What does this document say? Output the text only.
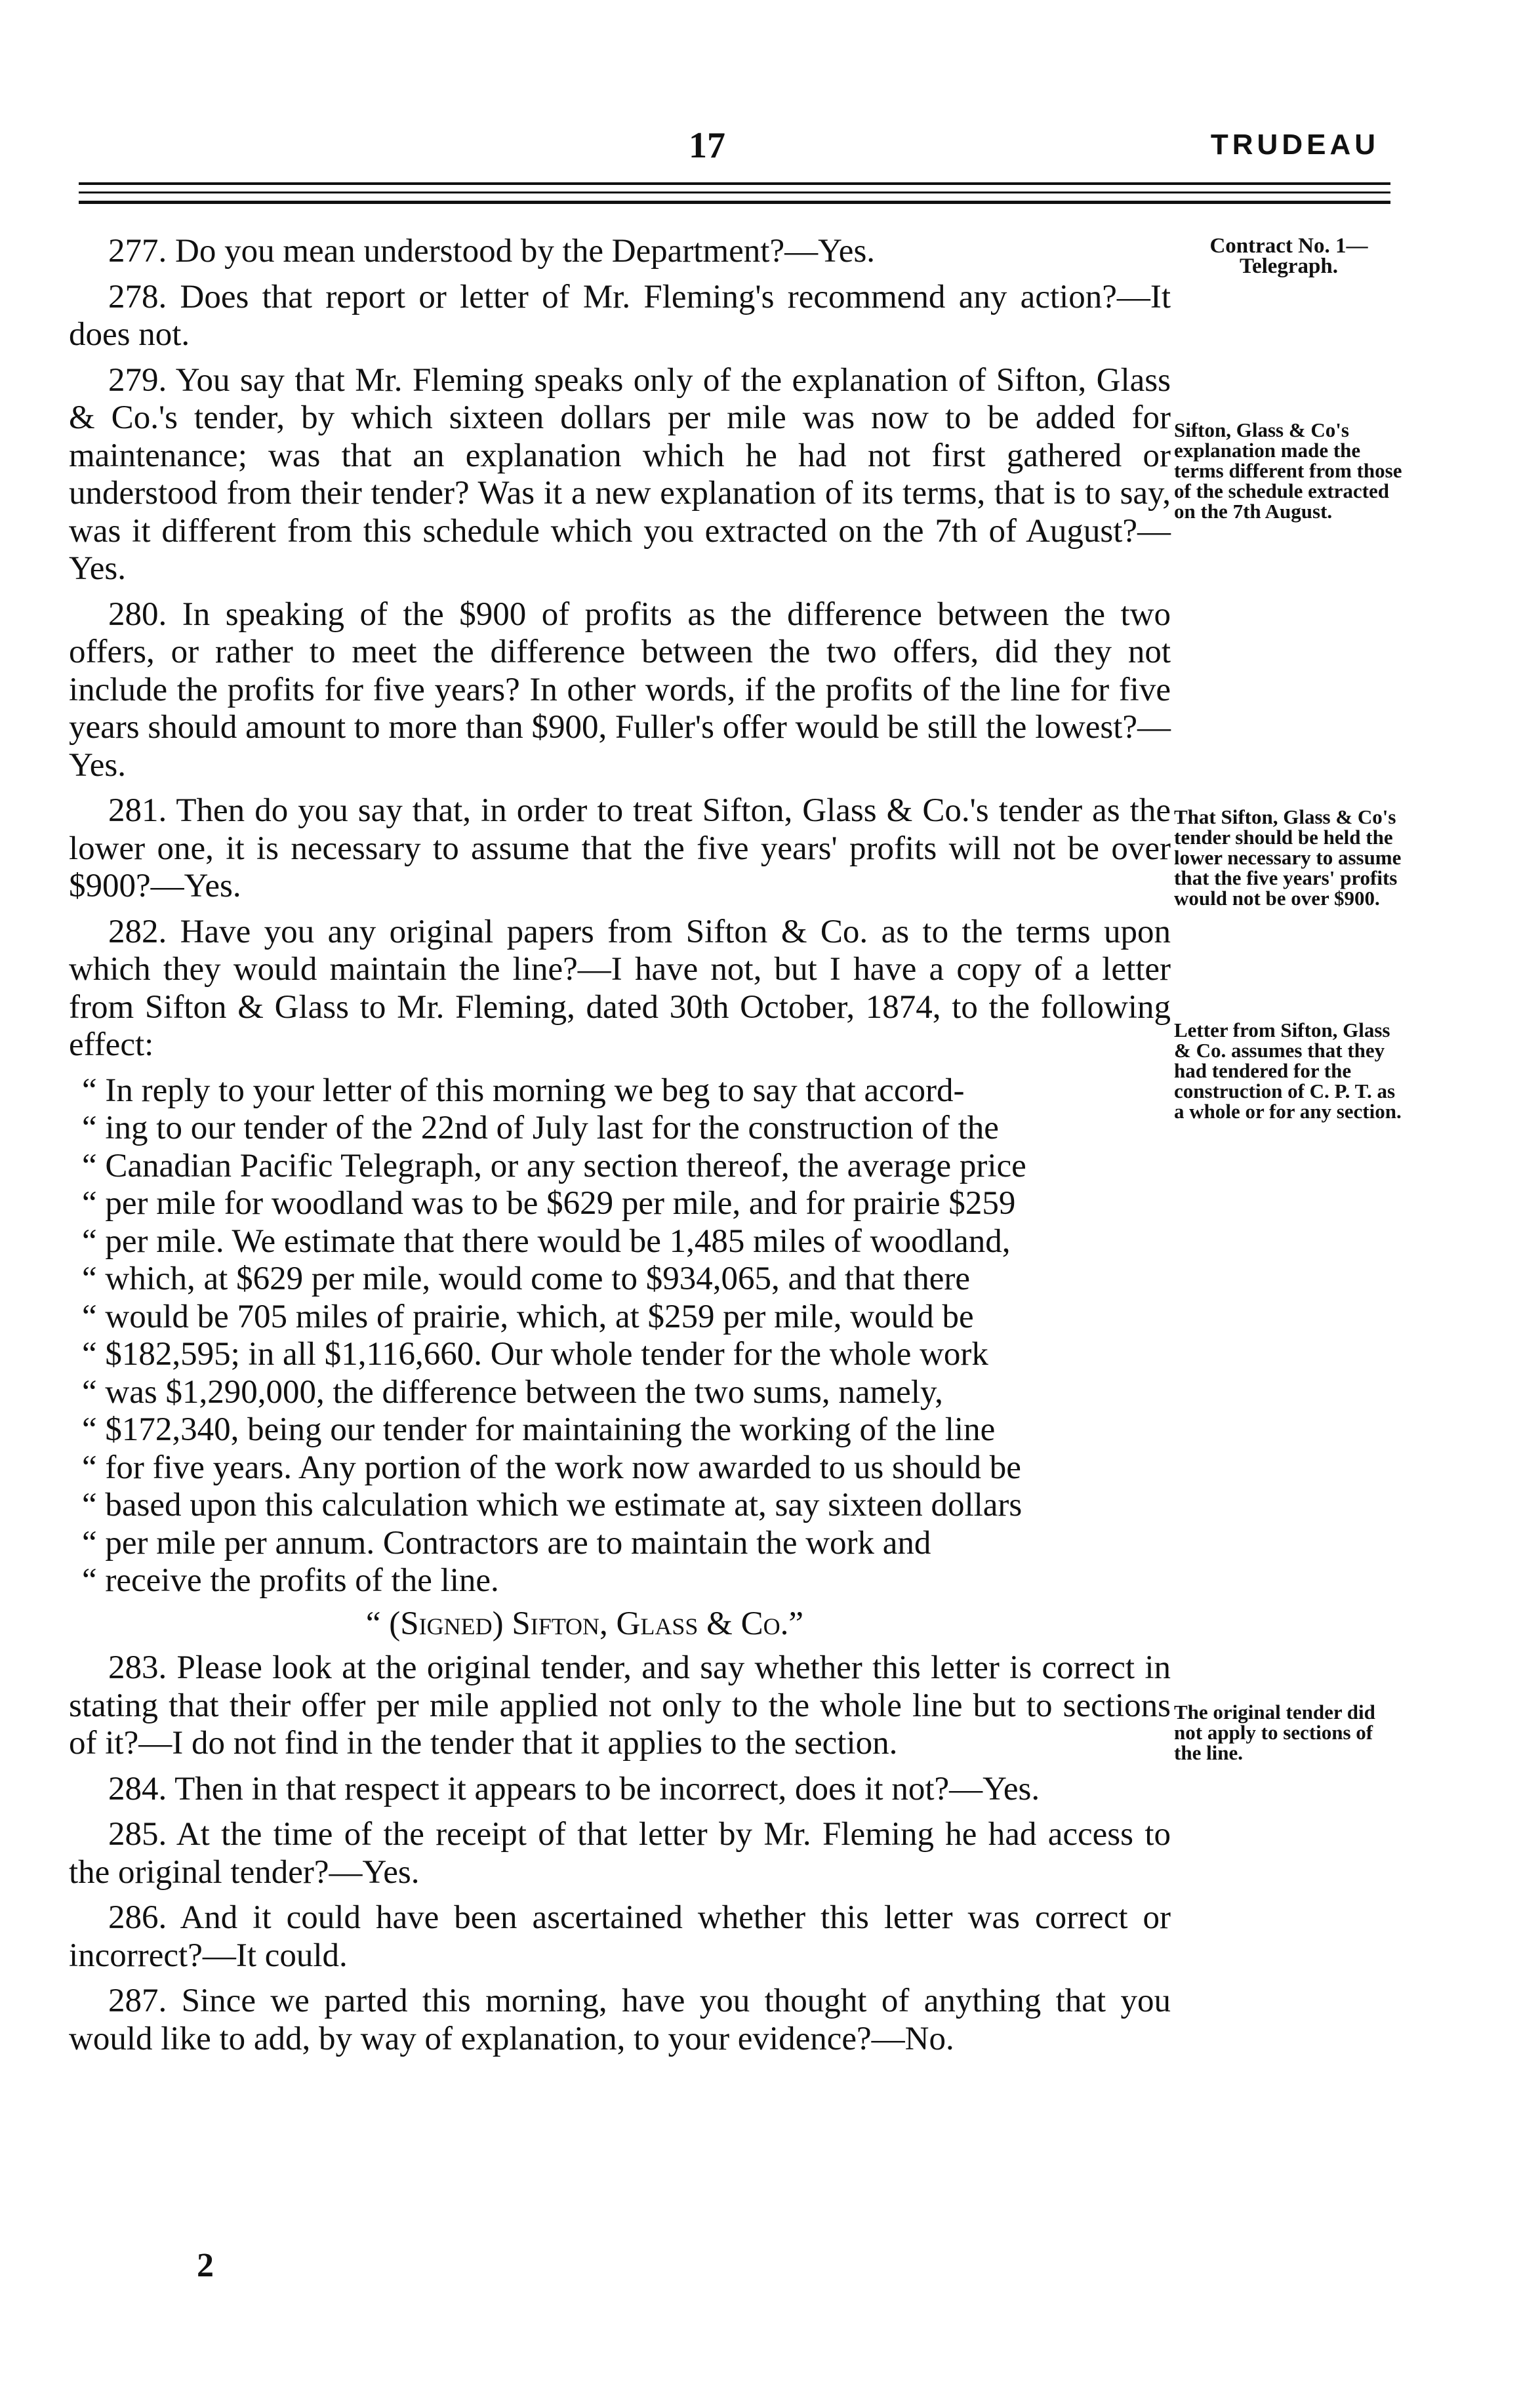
17	TRUDEAU
Contract No. 1—Telegraph.
Sifton, Glass & Co's explanation made the terms different from those of the schedule extracted on the 7th August.
That Sifton, Glass & Co's tender should be held the lower necessary to assume that the five years' profits would not be over $900.
Letter from Sifton, Glass & Co. assumes that they had tendered for the construction of C. P. T. as a whole or for any section.
The original tender did not apply to sections of the line.

277. Do you mean understood by the Department?—Yes.

278. Does that report or letter of Mr. Fleming's recommend any action?—It does not.

279. You say that Mr. Fleming speaks only of the explanation of Sifton, Glass & Co.'s tender, by which sixteen dollars per mile was now to be added for maintenance; was that an explanation which he had not first gathered or understood from their tender? Was it a new explanation of its terms, that is to say, was it different from this schedule which you extracted on the 7th of August?—Yes.

280. In speaking of the $900 of profits as the difference between the two offers, or rather to meet the difference between the two offers, did they not include the profits for five years? In other words, if the profits of the line for five years should amount to more than $900, Fuller's offer would be still the lowest?—Yes.

281. Then do you say that, in order to treat Sifton, Glass & Co.'s tender as the lower one, it is necessary to assume that the five years' profits will not be over $900?—Yes.

282. Have you any original papers from Sifton & Co. as to the terms upon which they would maintain the line?—I have not, but I have a copy of a letter from Sifton & Glass to Mr. Fleming, dated 30th October, 1874, to the following effect:

“ In reply to your letter of this morning we beg to say that accord-

“ ing to our tender of the 22nd of July last for the construction of the

“ Canadian Pacific Telegraph, or any section thereof, the average price

“ per mile for woodland was to be $629 per mile, and for prairie $259

“ per mile. We estimate that there would be 1,485 miles of woodland,

“ which, at $629 per mile, would come to $934,065, and that there

“ would be 705 miles of prairie, which, at $259 per mile, would be

“ $182,595; in all $1,116,660. Our whole tender for the whole work

“ was $1,290,000, the difference between the two sums, namely,

“ $172,340, being our tender for maintaining the working of the line

“ for five years. Any portion of the work now awarded to us should be

“ based upon this calculation which we estimate at, say sixteen dollars

“ per mile per annum. Contractors are to maintain the work and

“ receive the profits of the line.

“ (Signed) Sifton, Glass & Co.”

283. Please look at the original tender, and say whether this letter is correct in stating that their offer per mile applied not only to the whole line but to sections of it?—I do not find in the tender that it applies to the section.

284. Then in that respect it appears to be incorrect, does it not?—Yes.

285. At the time of the receipt of that letter by Mr. Fleming he had access to the original tender?—Yes.

286. And it could have been ascertained whether this letter was correct or incorrect?—It could.

287. Since we parted this morning, have you thought of anything that you would like to add, by way of explanation, to your evidence?—No.

2
